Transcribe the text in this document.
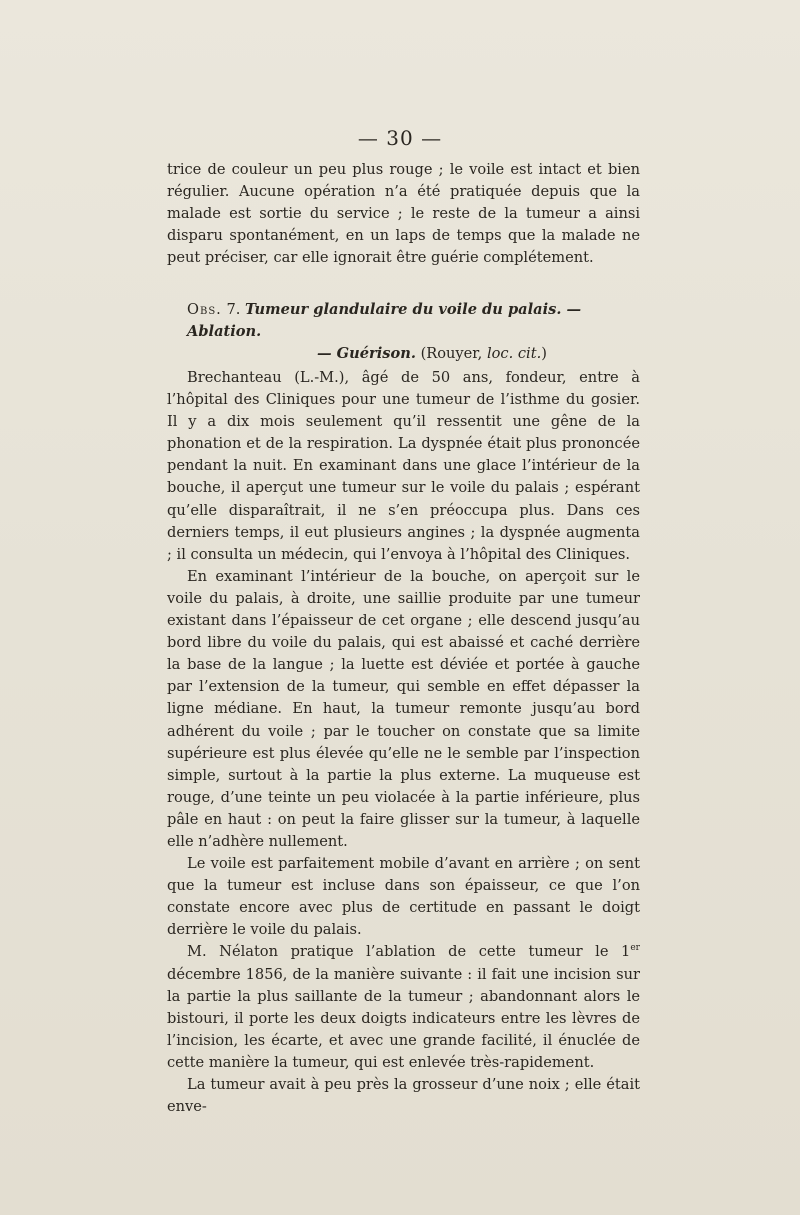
— 30 —

trice de couleur un peu plus rouge ; le voile est intact et bien régulier. Aucune opération n’a été pratiquée depuis que la malade est sortie du service ; le reste de la tumeur a ainsi disparu spontanément, en un laps de temps que la malade ne peut préciser, car elle ignorait être guérie complétement.

Obs. 7. Tumeur glandulaire du voile du palais. — Ablation.

— Guérison. (Rouyer, loc. cit.)

Brechanteau (L.-M.), âgé de 50 ans, fondeur, entre à l’hôpital des Cliniques pour une tumeur de l’isthme du gosier. Il y a dix mois seulement qu’il ressentit une gêne de la phonation et de la respiration. La dyspnée était plus prononcée pendant la nuit. En examinant dans une glace l’intérieur de la bouche, il aperçut une tumeur sur le voile du palais ; espérant qu’elle disparaîtrait, il ne s’en préoccupa plus. Dans ces derniers temps, il eut plusieurs angines ; la dyspnée augmenta ; il consulta un médecin, qui l’envoya à l’hôpital des Cliniques.

En examinant l’intérieur de la bouche, on aperçoit sur le voile du palais, à droite, une saillie produite par une tumeur existant dans l’épaisseur de cet organe ; elle descend jusqu’au bord libre du voile du palais, qui est abaissé et caché derrière la base de la langue ; la luette est déviée et portée à gauche par l’extension de la tumeur, qui semble en effet dépasser la ligne médiane. En haut, la tumeur remonte jusqu’au bord adhérent du voile ; par le toucher on constate que sa limite supérieure est plus élevée qu’elle ne le semble par l’inspection simple, surtout à la partie la plus externe. La muqueuse est rouge, d’une teinte un peu violacée à la partie inférieure, plus pâle en haut : on peut la faire glisser sur la tumeur, à laquelle elle n’adhère nullement.

Le voile est parfaitement mobile d’avant en arrière ; on sent que la tumeur est incluse dans son épaisseur, ce que l’on constate encore avec plus de certitude en passant le doigt derrière le voile du palais.

M. Nélaton pratique l’ablation de cette tumeur le 1er décembre 1856, de la manière suivante : il fait une incision sur la partie la plus saillante de la tumeur ; abandonnant alors le bistouri, il porte les deux doigts indicateurs entre les lèvres de l’incision, les écarte, et avec une grande facilité, il énuclée de cette manière la tumeur, qui est enlevée très-rapidement.

La tumeur avait à peu près la grosseur d’une noix ; elle était enve-
